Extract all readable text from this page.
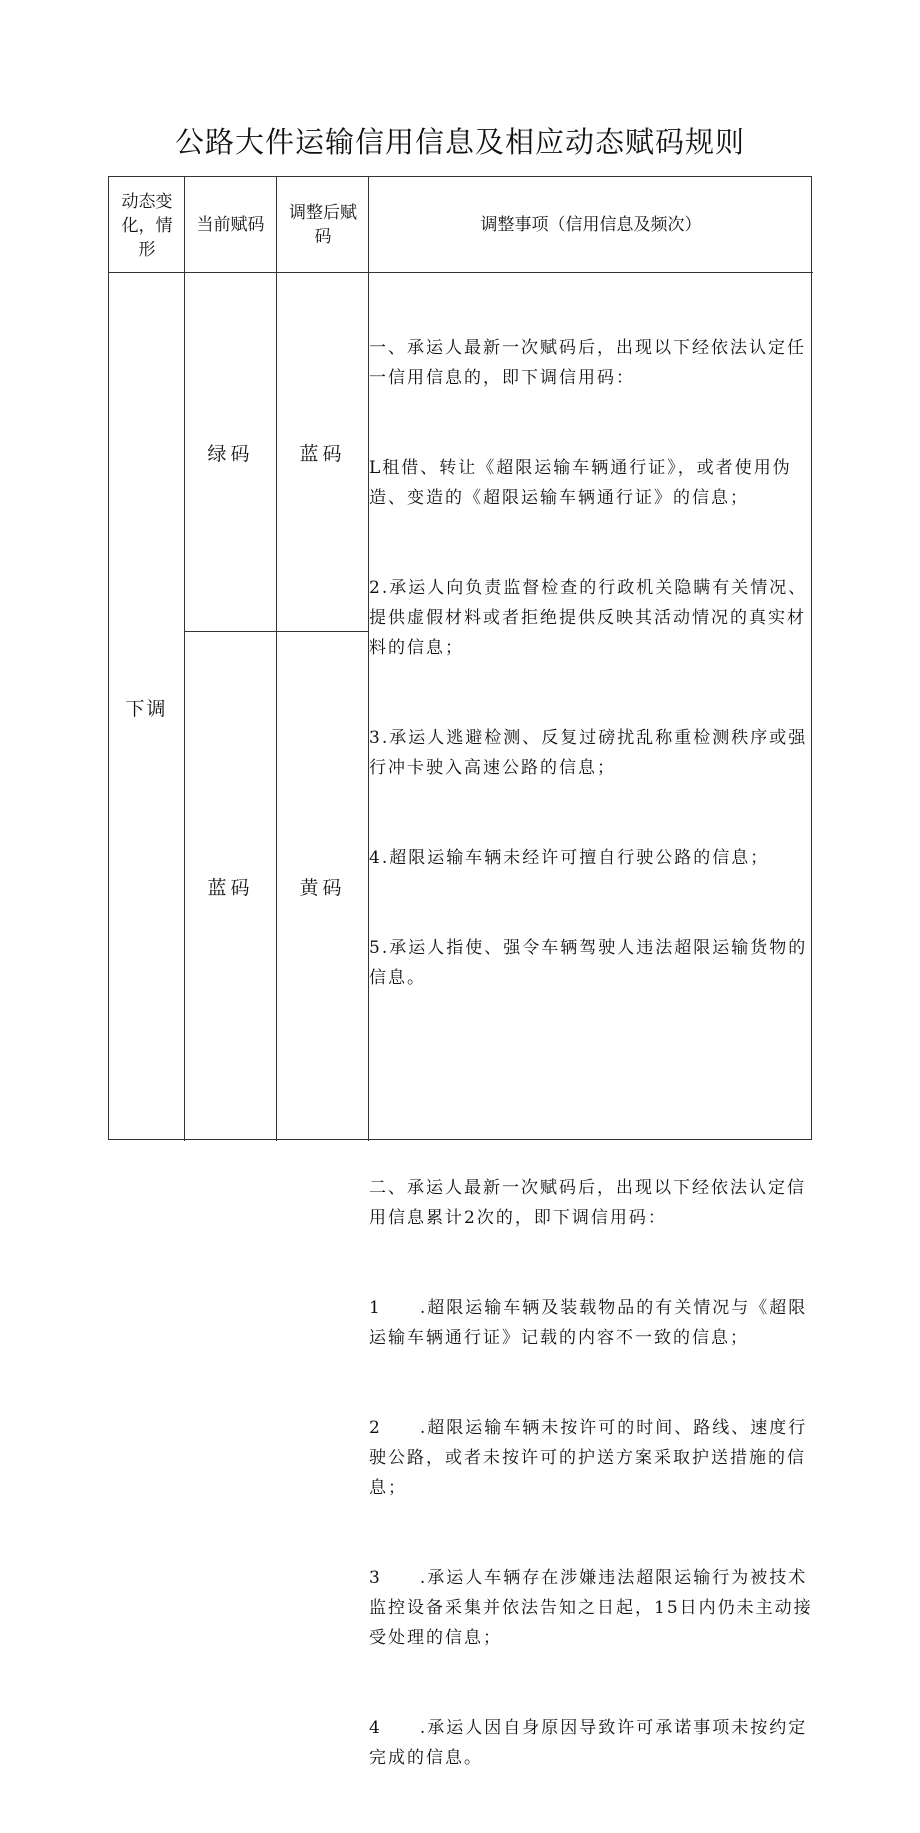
公路大件运输信用信息及相应动态赋码规则
动态变化，情形
当前赋码
调整后赋码
调整事项（信用信息及频次）
下调
绿码	蓝码
蓝码	黄码

一、承运人最新一次赋码后，出现以下经依法认定任一信用信息的，即下调信用码：

L租借、转让《超限运输车辆通行证》，或者使用伪造、变造的《超限运输车辆通行证》的信息；

2.承运人向负责监督检查的行政机关隐瞒有关情况、提供虚假材料或者拒绝提供反映其活动情况的真实材料的信息；

3.承运人逃避检测、反复过磅扰乱称重检测秩序或强行冲卡驶入高速公路的信息；

4.超限运输车辆未经许可擅自行驶公路的信息；

5.承运人指使、强令车辆驾驶人违法超限运输货物的信息。

二、承运人最新一次赋码后，出现以下经依法认定信用信息累计2次的，即下调信用码：

1　　.超限运输车辆及装载物品的有关情况与《超限运输车辆通行证》记载的内容不一致的信息；

2　　.超限运输车辆未按许可的时间、路线、速度行驶公路，或者未按许可的护送方案采取护送措施的信息；

3　　.承运人车辆存在涉嫌违法超限运输行为被技术监控设备采集并依法告知之日起，15日内仍未主动接受处理的信息；

4　　.承运人因自身原因导致许可承诺事项未按约定完成的信息。
